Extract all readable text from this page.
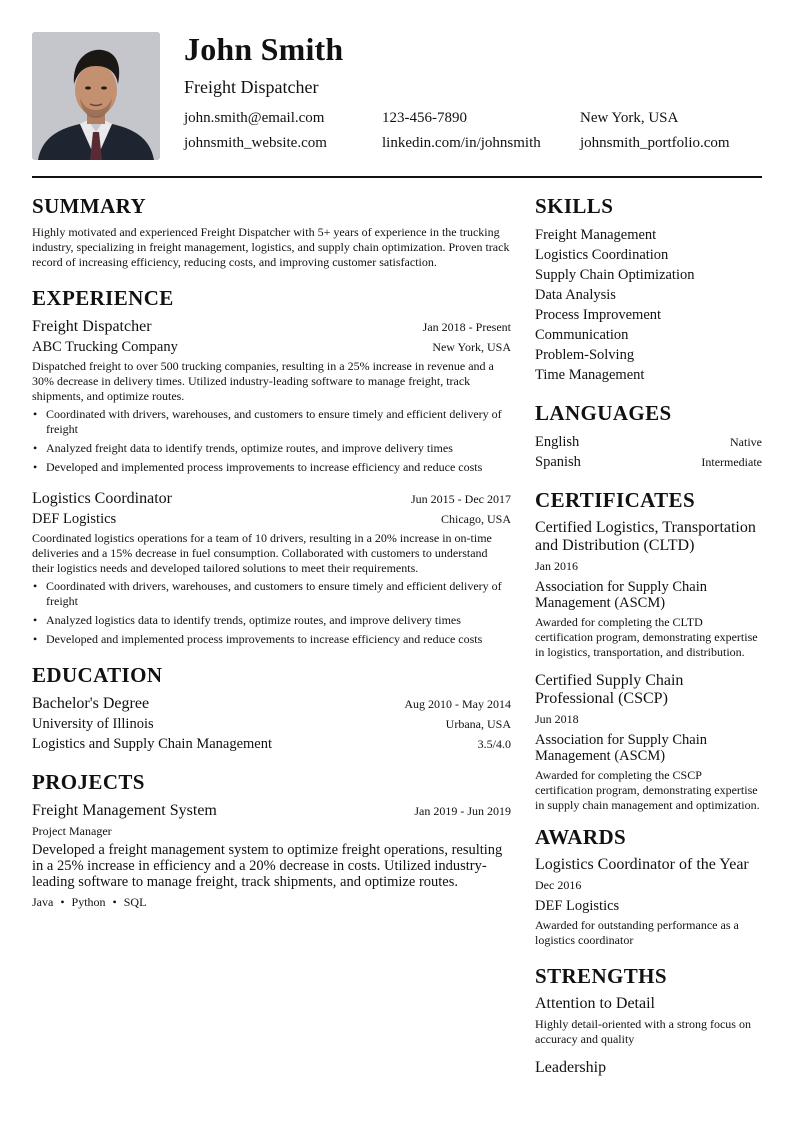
John Smith
Freight Dispatcher
john.smith@email.com	123-456-7890	New York, USA
johnsmith_website.com	linkedin.com/in/johnsmith	johnsmith_portfolio.com
SUMMARY
Highly motivated and experienced Freight Dispatcher with 5+ years of experience in the trucking industry, specializing in freight management, logistics, and supply chain optimization. Proven track record of increasing efficiency, reducing costs, and improving customer satisfaction.
EXPERIENCE
Freight Dispatcher	Jan 2018 - Present
ABC Trucking Company	New York, USA
Dispatched freight to over 500 trucking companies, resulting in a 25% increase in revenue and a 30% decrease in delivery times. Utilized industry-leading software to manage freight, track shipments, and optimize routes.
• Coordinated with drivers, warehouses, and customers to ensure timely and efficient delivery of freight
• Analyzed freight data to identify trends, optimize routes, and improve delivery times
• Developed and implemented process improvements to increase efficiency and reduce costs
Logistics Coordinator	Jun 2015 - Dec 2017
DEF Logistics	Chicago, USA
Coordinated logistics operations for a team of 10 drivers, resulting in a 20% increase in on-time deliveries and a 15% decrease in fuel consumption. Collaborated with customers to understand their logistics needs and developed tailored solutions to meet their requirements.
• Coordinated with drivers, warehouses, and customers to ensure timely and efficient delivery of freight
• Analyzed logistics data to identify trends, optimize routes, and improve delivery times
• Developed and implemented process improvements to increase efficiency and reduce costs
EDUCATION
Bachelor's Degree	Aug 2010 - May 2014
University of Illinois	Urbana, USA
Logistics and Supply Chain Management	3.5/4.0
PROJECTS
Freight Management System	Jan 2019 - Jun 2019
Project Manager
Developed a freight management system to optimize freight operations, resulting in a 25% increase in efficiency and a 20% decrease in costs. Utilized industry-leading software to manage freight, track shipments, and optimize routes.
Java • Python • SQL
SKILLS
Freight Management
Logistics Coordination
Supply Chain Optimization
Data Analysis
Process Improvement
Communication
Problem-Solving
Time Management
LANGUAGES
English	Native
Spanish	Intermediate
CERTIFICATES
Certified Logistics, Transportation and Distribution (CLTD)
Jan 2016
Association for Supply Chain Management (ASCM)
Awarded for completing the CLTD certification program, demonstrating expertise in logistics, transportation, and distribution.
Certified Supply Chain Professional (CSCP)
Jun 2018
Association for Supply Chain Management (ASCM)
Awarded for completing the CSCP certification program, demonstrating expertise in supply chain management and optimization.
AWARDS
Logistics Coordinator of the Year
Dec 2016
DEF Logistics
Awarded for outstanding performance as a logistics coordinator
STRENGTHS
Attention to Detail
Highly detail-oriented with a strong focus on accuracy and quality
Leadership
